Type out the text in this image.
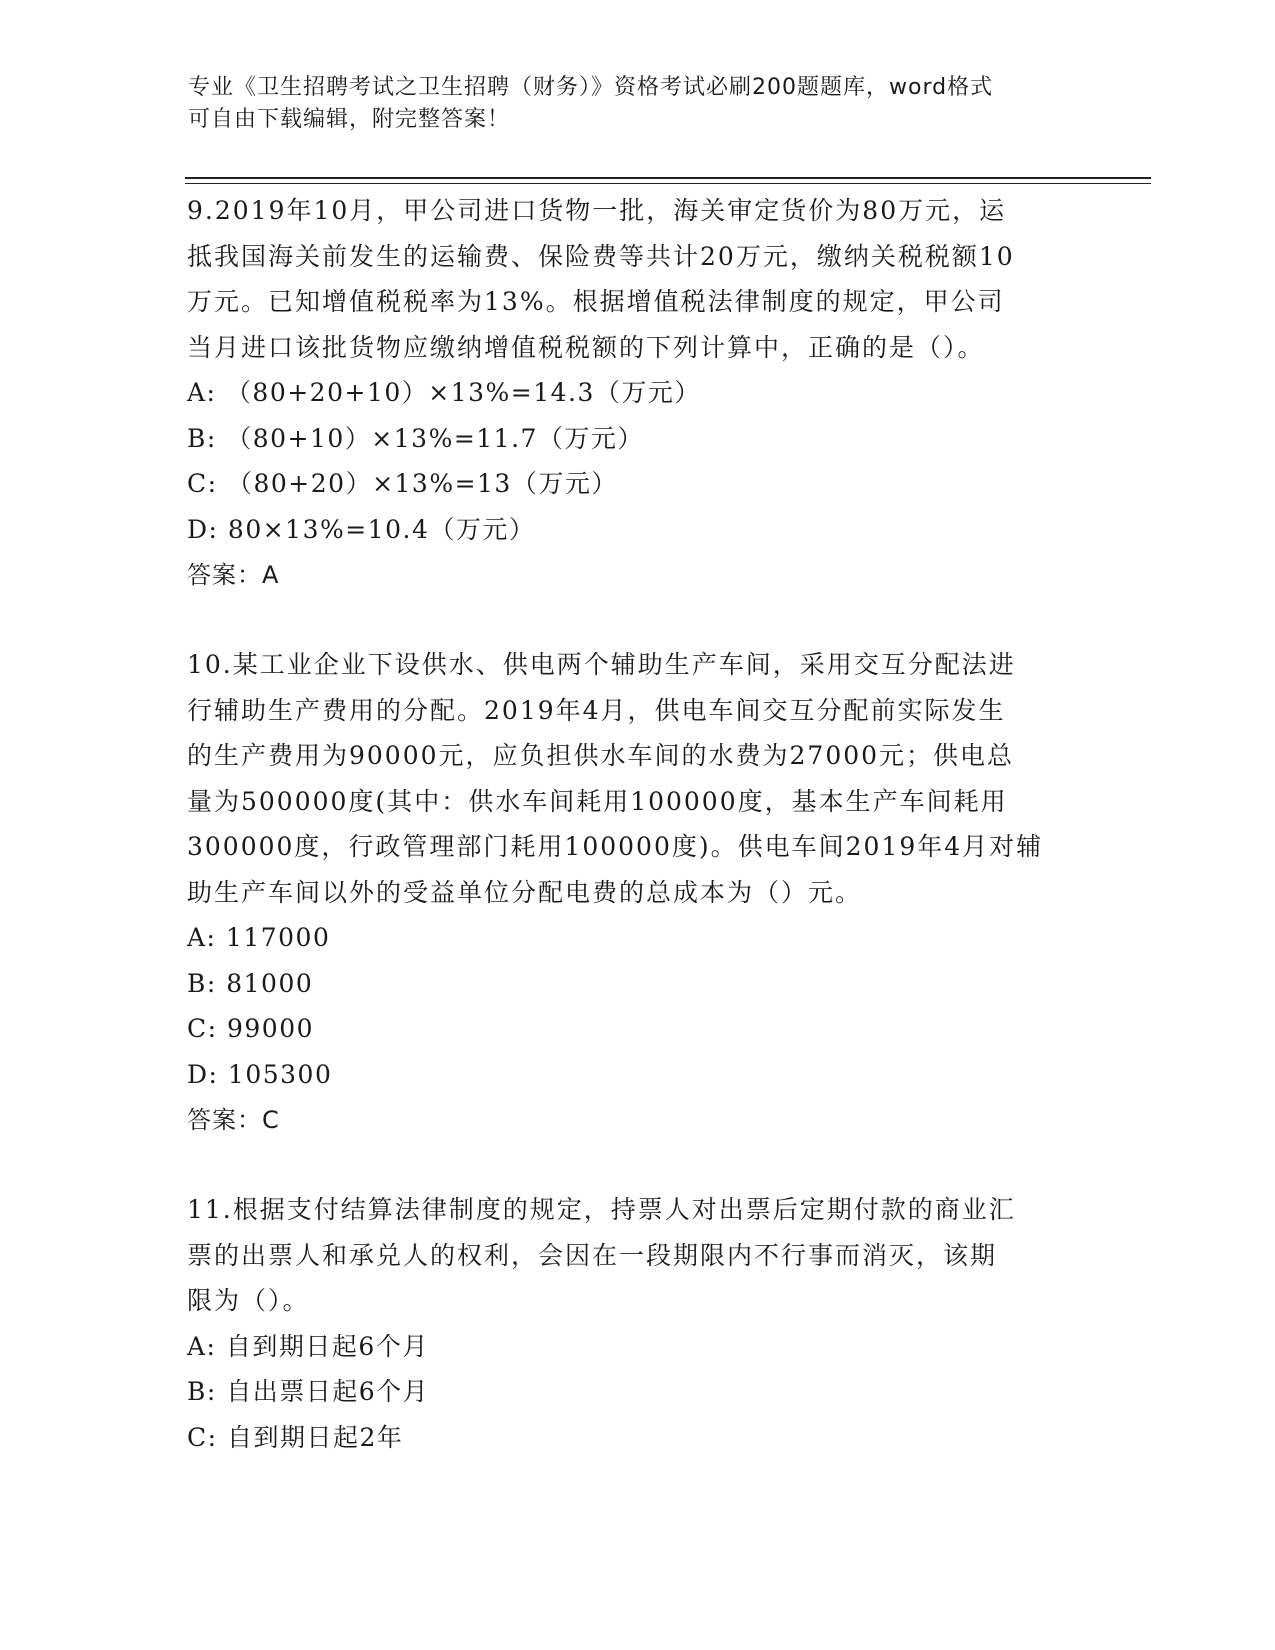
专业《卫生招聘考试之卫生招聘（财务）》资格考试必刷200题题库，word格式
可自由下载编辑，附完整答案！

9.2019年10月，甲公司进口货物一批，海关审定货价为80万元，运

抵我国海关前发生的运输费、保险费等共计20万元，缴纳关税税额10

万元。已知增值税税率为13%。根据增值税法律制度的规定，甲公司

当月进口该批货物应缴纳增值税税额的下列计算中，正确的是（）。

A: （80+20+10）×13%=14.3（万元）

B: （80+10）×13%=11.7（万元）

C: （80+20）×13%=13（万元）

D: 80×13%=10.4（万元）

答案：A

10.某工业企业下设供水、供电两个辅助生产车间，采用交互分配法进

行辅助生产费用的分配。2019年4月，供电车间交互分配前实际发生

的生产费用为90000元，应负担供水车间的水费为27000元；供电总

量为500000度(其中：供水车间耗用100000度，基本生产车间耗用

300000度，行政管理部门耗用100000度)。供电车间2019年4月对辅

助生产车间以外的受益单位分配电费的总成本为（）元。

A: 117000

B: 81000

C: 99000

D: 105300

答案：C

11.根据支付结算法律制度的规定，持票人对出票后定期付款的商业汇

票的出票人和承兑人的权利，会因在一段期限内不行事而消灭，该期

限为（）。

A: 自到期日起6个月

B: 自出票日起6个月

C: 自到期日起2年
